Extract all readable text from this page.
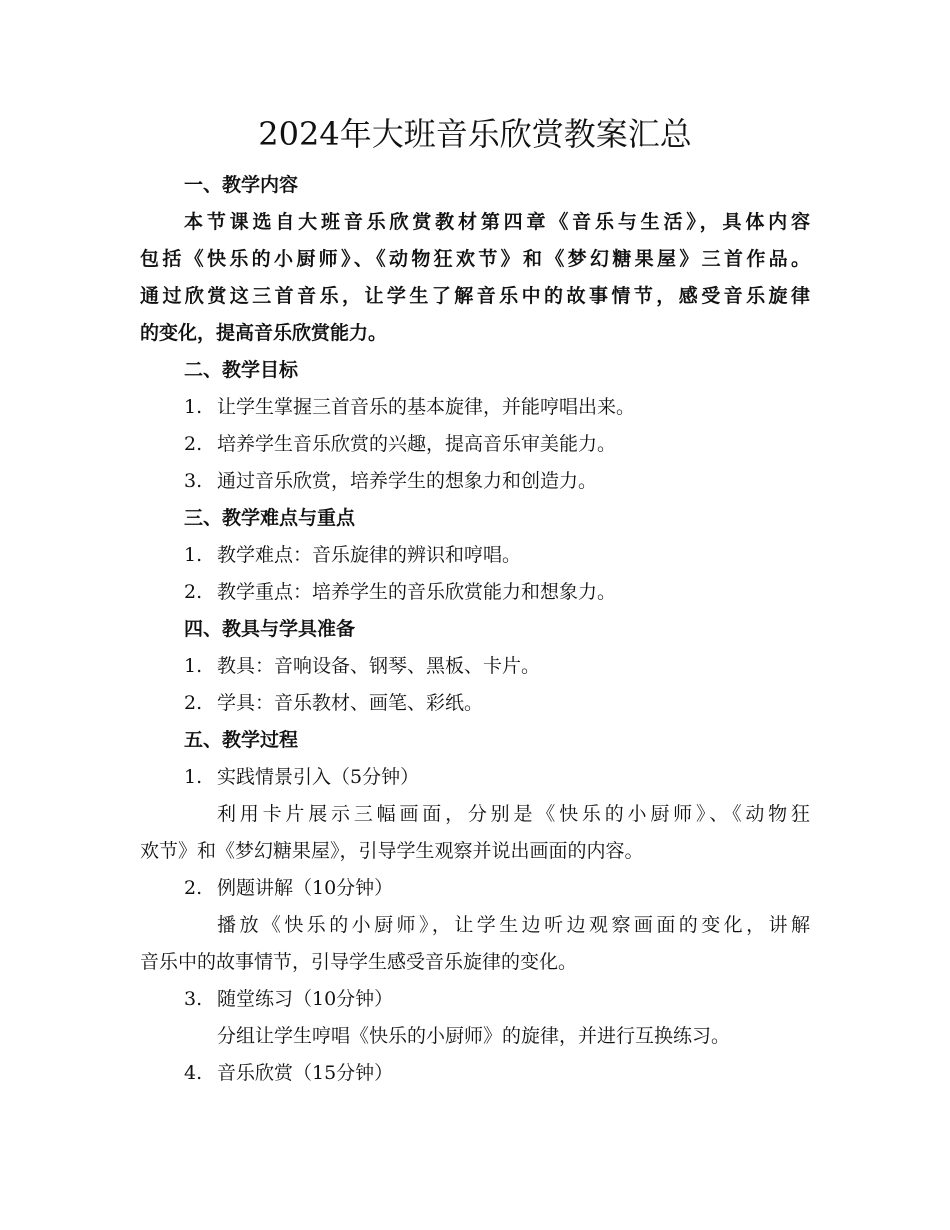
2024年大班音乐欣赏教案汇总

一、教学内容

本节课选自大班音乐欣赏教材第四章《音乐与生活》，具体内容

包括《快乐的小厨师》、《动物狂欢节》和《梦幻糖果屋》三首作品。

通过欣赏这三首音乐，让学生了解音乐中的故事情节，感受音乐旋律

的变化，提高音乐欣赏能力。

二、教学目标

1. 让学生掌握三首音乐的基本旋律，并能哼唱出来。

2. 培养学生音乐欣赏的兴趣，提高音乐审美能力。

3. 通过音乐欣赏，培养学生的想象力和创造力。

三、教学难点与重点

1. 教学难点：音乐旋律的辨识和哼唱。

2. 教学重点：培养学生的音乐欣赏能力和想象力。

四、教具与学具准备

1. 教具：音响设备、钢琴、黑板、卡片。

2. 学具：音乐教材、画笔、彩纸。

五、教学过程

1. 实践情景引入（5分钟）

利用卡片展示三幅画面，分别是《快乐的小厨师》、《动物狂

欢节》和《梦幻糖果屋》，引导学生观察并说出画面的内容。

2. 例题讲解（10分钟）

播放《快乐的小厨师》，让学生边听边观察画面的变化，讲解

音乐中的故事情节，引导学生感受音乐旋律的变化。

3. 随堂练习（10分钟）

分组让学生哼唱《快乐的小厨师》的旋律，并进行互换练习。

4. 音乐欣赏（15分钟）
